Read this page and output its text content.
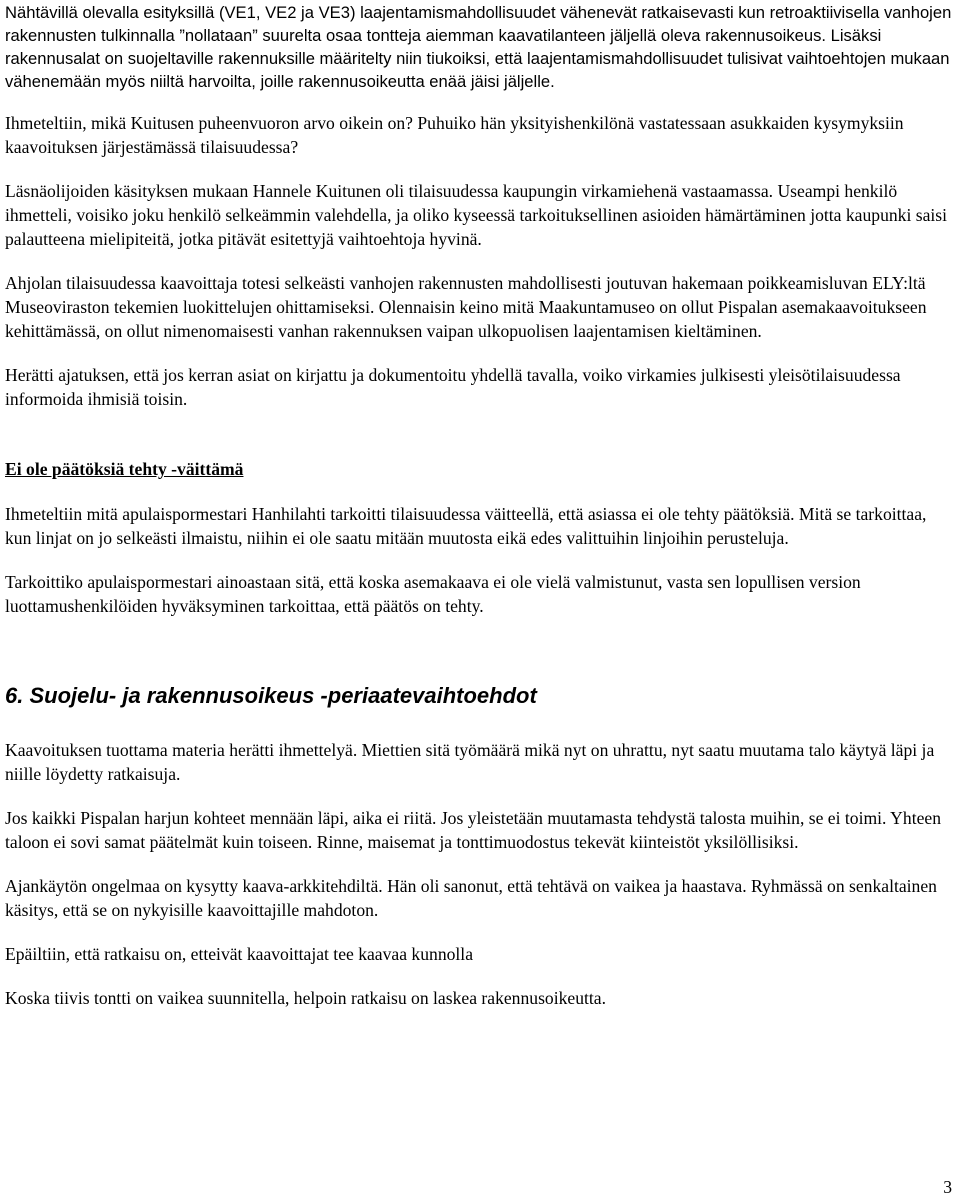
Nähtävillä olevalla esityksillä (VE1, VE2 ja VE3) laajentamismahdollisuudet vähenevät ratkaisevasti kun retroaktiivisella vanhojen rakennusten tulkinnalla ”nollataan” suurelta osaa tontteja aiemman kaavatilanteen jäljellä oleva rakennusoikeus. Lisäksi rakennusalat on suojeltaville rakennuksille määritelty niin tiukoiksi, että laajentamismahdollisuudet tulisivat vaihtoehtojen mukaan vähenemään myös niiltä harvoilta, joille rakennusoikeutta enää jäisi jäljelle.

Ihmeteltiin, mikä Kuitusen puheenvuoron arvo oikein on? Puhuiko hän yksityishenkilönä vastatessaan asukkaiden kysymyksiin kaavoituksen järjestämässä tilaisuudessa?

Läsnäolijoiden käsityksen mukaan Hannele Kuitunen oli tilaisuudessa kaupungin virkamiehenä vastaamassa. Useampi henkilö ihmetteli, voisiko joku henkilö selkeämmin valehdella, ja oliko kyseessä tarkoituksellinen asioiden hämärtäminen jotta kaupunki saisi palautteena mielipiteitä, jotka pitävät esitettyjä vaihtoehtoja hyvinä.

Ahjolan tilaisuudessa kaavoittaja totesi selkeästi vanhojen rakennusten mahdollisesti joutuvan hakemaan poikkeamisluvan ELY:ltä Museoviraston tekemien luokittelujen ohittamiseksi. Olennaisin keino mitä Maakuntamuseo on ollut Pispalan asemakaavoitukseen kehittämässä, on ollut nimenomaisesti vanhan rakennuksen vaipan ulkopuolisen laajentamisen kieltäminen.

Herätti ajatuksen, että jos kerran asiat on kirjattu ja dokumentoitu yhdellä tavalla, voiko virkamies julkisesti yleisötilaisuudessa informoida ihmisiä toisin.

Ei ole päätöksiä tehty -väittämä

Ihmeteltiin mitä apulaispormestari Hanhilahti tarkoitti tilaisuudessa väitteellä, että asiassa ei ole tehty päätöksiä. Mitä se tarkoittaa, kun linjat on jo selkeästi ilmaistu, niihin ei ole saatu mitään muutosta eikä edes valittuihin linjoihin perusteluja.

Tarkoittiko apulaispormestari ainoastaan sitä, että koska asemakaava ei ole vielä valmistunut, vasta sen lopullisen version luottamushenkilöiden hyväksyminen tarkoittaa, että päätös on tehty.

6. Suojelu- ja rakennusoikeus -periaatevaihtoehdot

Kaavoituksen tuottama materia herätti ihmettelyä. Miettien sitä työmäärä mikä nyt on uhrattu, nyt saatu muutama talo käytyä läpi ja niille löydetty ratkaisuja.

Jos kaikki Pispalan harjun kohteet mennään läpi, aika ei riitä. Jos yleistetään muutamasta tehdystä talosta muihin, se ei toimi. Yhteen taloon ei sovi samat päätelmät kuin toiseen. Rinne, maisemat ja tonttimuodostus tekevät kiinteistöt yksilöllisiksi.

Ajankäytön ongelmaa on kysytty kaava-arkkitehdiltä. Hän oli sanonut, että tehtävä on vaikea ja haastava. Ryhmässä on senkaltainen käsitys, että se on nykyisille kaavoittajille mahdoton.

Epäiltiin, että ratkaisu on, etteivät kaavoittajat tee kaavaa kunnolla

Koska tiivis tontti on vaikea suunnitella, helpoin ratkaisu on laskea rakennusoikeutta.

3
